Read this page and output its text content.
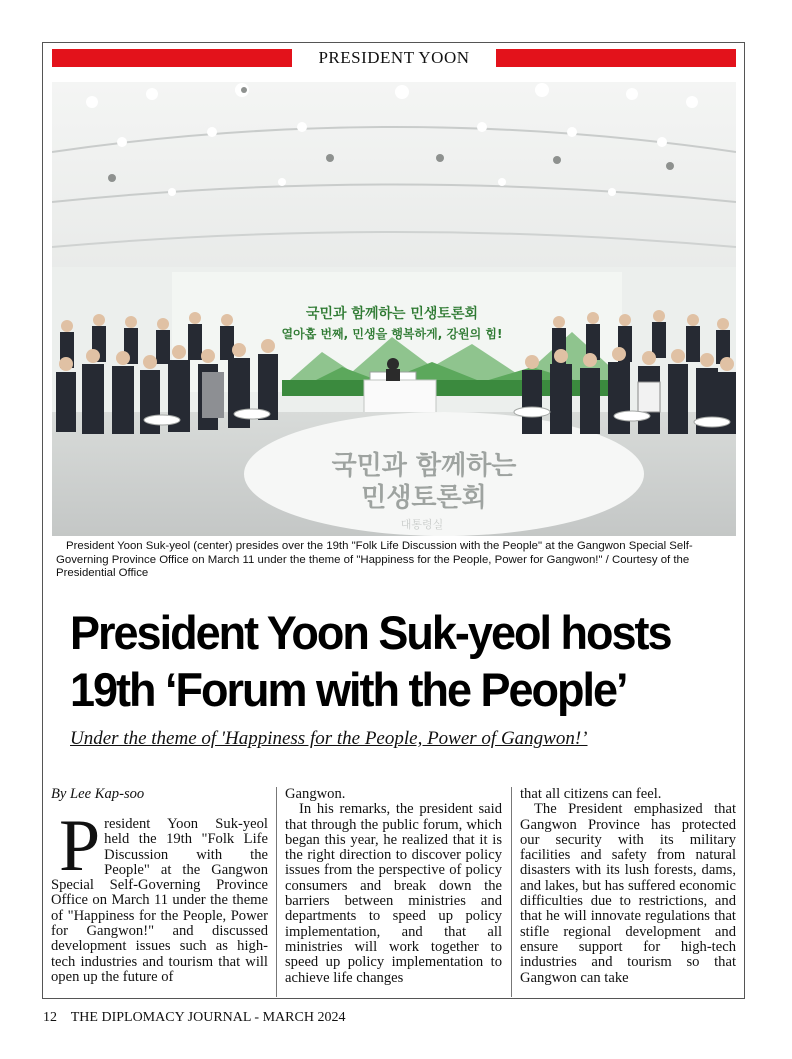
PRESIDENT YOON
국민과 함께하는 민생토론회
열아홉 번째, 민생을 행복하게, 강원의 힘!
국민과 함께하는
민생토론회
대통령실
President Yoon Suk-yeol (center) presides over the 19th "Folk Life Discussion with the People" at the Gangwon Special Self-Governing Province Office on March 11 under the theme of "Happiness for the People, Power for Gangwon!" / Courtesy of the Presidential Office
President Yoon Suk-yeol hosts
19th ‘Forum with the People’
Under the theme of 'Happiness for the People, Power of Gangwon!’

By Lee Kap-soo

President Yoon Suk-yeol held the 19th "Folk Life Discussion with the People" at the Gangwon Special Self-Governing Province Office on March 11 under the theme of "Happiness for the People, Power for Gangwon!" and discussed development issues such as high-tech industries and tourism that will open up the future of

Gangwon.

In his remarks, the president said that through the public forum, which began this year, he realized that it is the right direction to discover policy issues from the perspective of policy consumers and break down the barriers between ministries and departments to speed up policy implementation, and that all ministries will work together to speed up policy implementation to achieve life changes

that all citizens can feel.

The President emphasized that Gangwon Province has protected our security with its military facilities and safety from natural disasters with its lush forests, dams, and lakes, but has suffered economic difficulties due to restrictions, and that he will innovate regulations that stifle regional development and ensure support for high-tech industries and tourism so that Gangwon can take

12 THE DIPLOMACY JOURNAL - MARCH 2024
